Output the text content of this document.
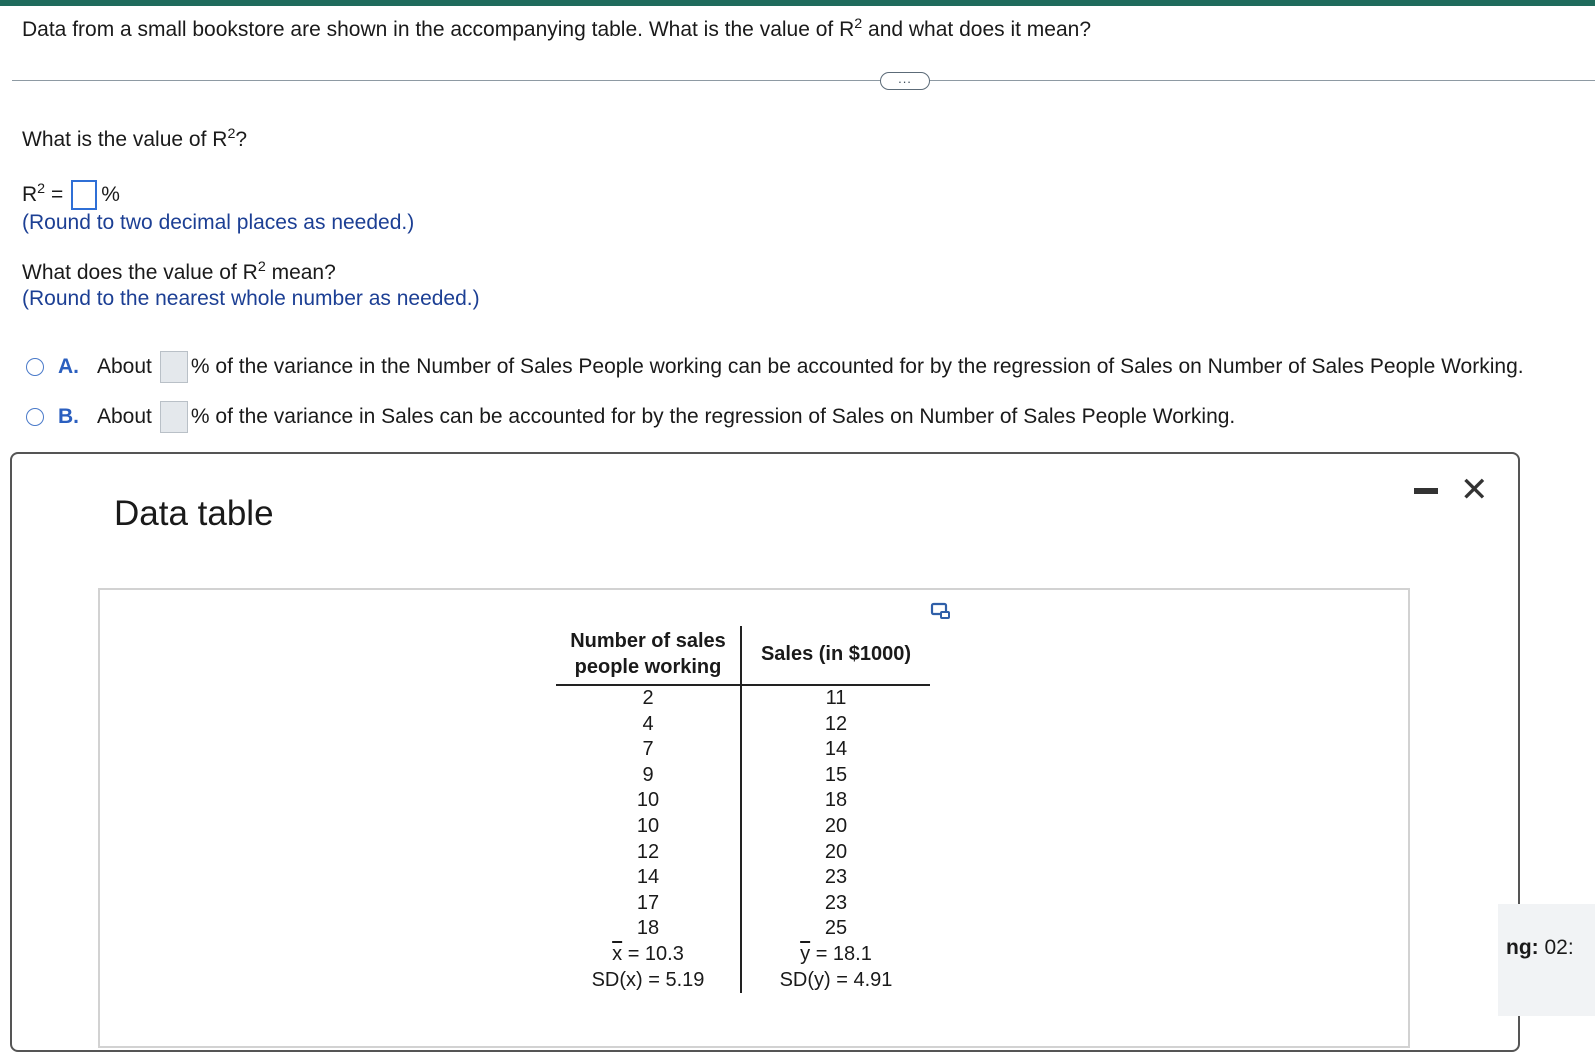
Data from a small bookstore are shown in the accompanying table. What is the value of $R^2$ and what does it mean?
...
What is the value of $R^2$?
$R^2$ = %
(Round to two decimal places as needed.)
What does the value of $R^2$ mean?
(Round to the nearest whole number as needed.)
A. About % of the variance in the Number of Sales People working can be accounted for by the regression of Sales on Number of Sales People Working.
B. About % of the variance in Sales can be accounted for by the regression of Sales on Number of Sales People Working.
Data table
✕
Number of sales
people working	Sales (in $1000)
2	11
4	12
7	14
9	15
10	18
10	20
12	20
14	23
17	23
18	25
$\overline{x} = 10.3$	$\overline{y} = 18.1$
SD(x) = 5.19	SD(y) = 4.91
ng: 02:
